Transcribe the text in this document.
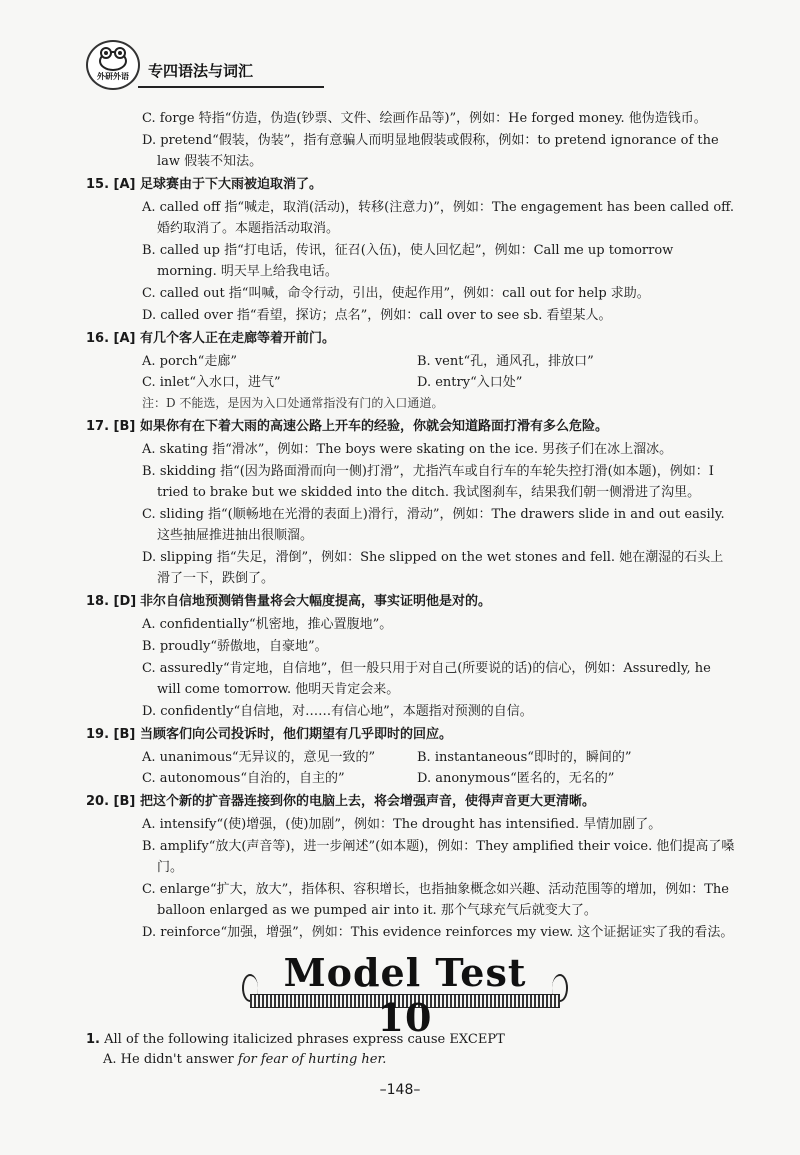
外研外语	专四语法与词汇
C. forge 特指“仿造，伪造(钞票、文件、绘画作品等)”，例如：He forged money. 他伪造钱币。
D. pretend“假装，伪装”，指有意骗人而明显地假装或假称，例如：to pretend ignorance of the law 假装不知法。
15. [A] 足球赛由于下大雨被迫取消了。
A. called off 指“喊走，取消(活动)，转移(注意力)”，例如：The engagement has been called off. 婚约取消了。本题指活动取消。
B. called up 指“打电话，传讯，征召(入伍)，使人回忆起”，例如：Call me up tomorrow morning. 明天早上给我电话。
C. called out 指“叫喊，命令行动，引出，使起作用”，例如：call out for help 求助。
D. called over 指“看望，探访；点名”，例如：call over to see sb. 看望某人。
16. [A] 有几个客人正在走廊等着开前门。
A. porch“走廊”	B. vent“孔，通风孔，排放口”
C. inlet“入水口，进气”	D. entry“入口处”
注：D 不能选，是因为入口处通常指没有门的入口通道。
17. [B] 如果你有在下着大雨的高速公路上开车的经验，你就会知道路面打滑有多么危险。
A. skating 指“滑冰”，例如：The boys were skating on the ice. 男孩子们在冰上溜冰。
B. skidding 指“(因为路面滑而向一侧)打滑”，尤指汽车或自行车的车轮失控打滑(如本题)，例如：I tried to brake but we skidded into the ditch. 我试图刹车，结果我们朝一侧滑进了沟里。
C. sliding 指“(顺畅地在光滑的表面上)滑行，滑动”，例如：The drawers slide in and out easily. 这些抽屉推进抽出很顺溜。
D. slipping 指“失足，滑倒”，例如：She slipped on the wet stones and fell. 她在潮湿的石头上滑了一下，跌倒了。
18. [D] 非尔自信地预测销售量将会大幅度提高，事实证明他是对的。
A. confidentially“机密地，推心置腹地”。
B. proudly“骄傲地，自豪地”。
C. assuredly“肯定地，自信地”，但一般只用于对自己(所要说的话)的信心，例如：Assuredly, he will come tomorrow. 他明天肯定会来。
D. confidently“自信地，对……有信心地”，本题指对预测的自信。
19. [B] 当顾客们向公司投诉时，他们期望有几乎即时的回应。
A. unanimous“无异议的，意见一致的”	B. instantaneous“即时的，瞬间的”
C. autonomous“自治的，自主的”	D. anonymous“匿名的，无名的”
20. [B] 把这个新的扩音器连接到你的电脑上去，将会增强声音，使得声音更大更清晰。
A. intensify“(使)增强，(使)加剧”，例如：The drought has intensified. 旱情加剧了。
B. amplify“放大(声音等)，进一步阐述”(如本题)，例如：They amplified their voice. 他们提高了嗓门。
C. enlarge“扩大，放大”，指体积、容积增长，也指抽象概念如兴趣、活动范围等的增加，例如：The balloon enlarged as we pumped air into it. 那个气球充气后就变大了。
D. reinforce“加强，增强”，例如：This evidence reinforces my view. 这个证据证实了我的看法。
Model Test 10
1. All of the following italicized phrases express cause EXCEPT
A. He didn't answer for fear of hurting her.
–148–
